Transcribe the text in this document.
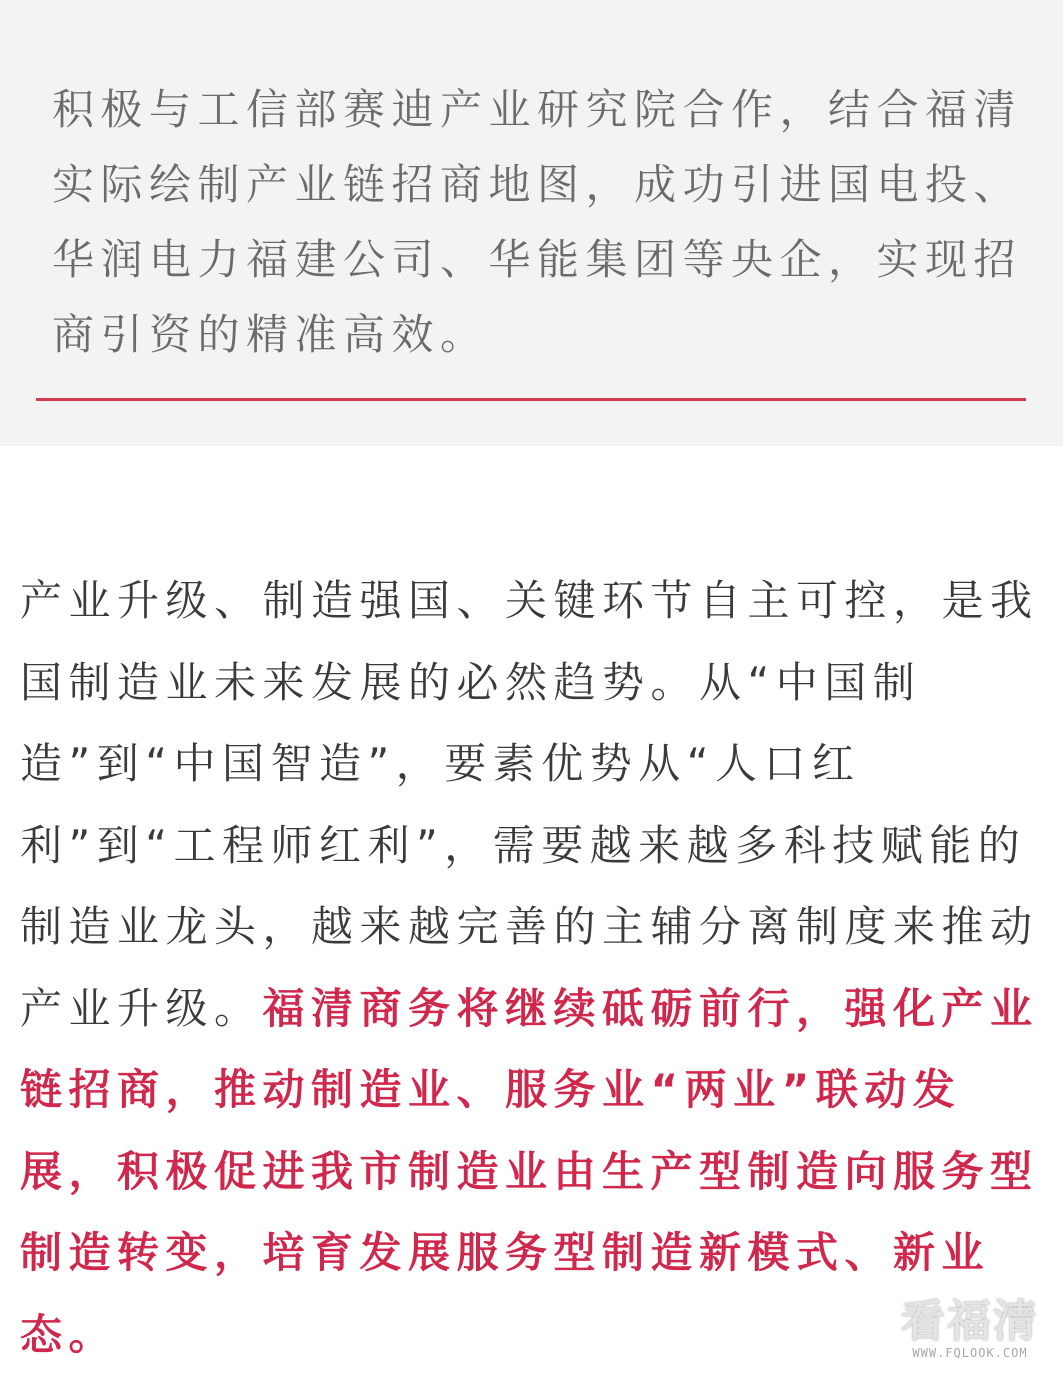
积极与工信部赛迪产业研究院合作，结合福清实际绘制产业链招商地图，成功引进国电投、华润电力福建公司、华能集团等央企，实现招商引资的精准高效。

产业升级、制造强国、关键环节自主可控，是我国制造业未来发展的必然趋势。从“中国制造”到“中国智造”，要素优势从“人口红利”到“工程师红利”，需要越来越多科技赋能的制造业龙头，越来越完善的主辅分离制度来推动产业升级。福清商务将继续砥砺前行，强化产业链招商，推动制造业、服务业“两业”联动发展，积极促进我市制造业由生产型制造向服务型制造转变，培育发展服务型制造新模式、新业态。	看福清
WWW.FQLOOK.COM
